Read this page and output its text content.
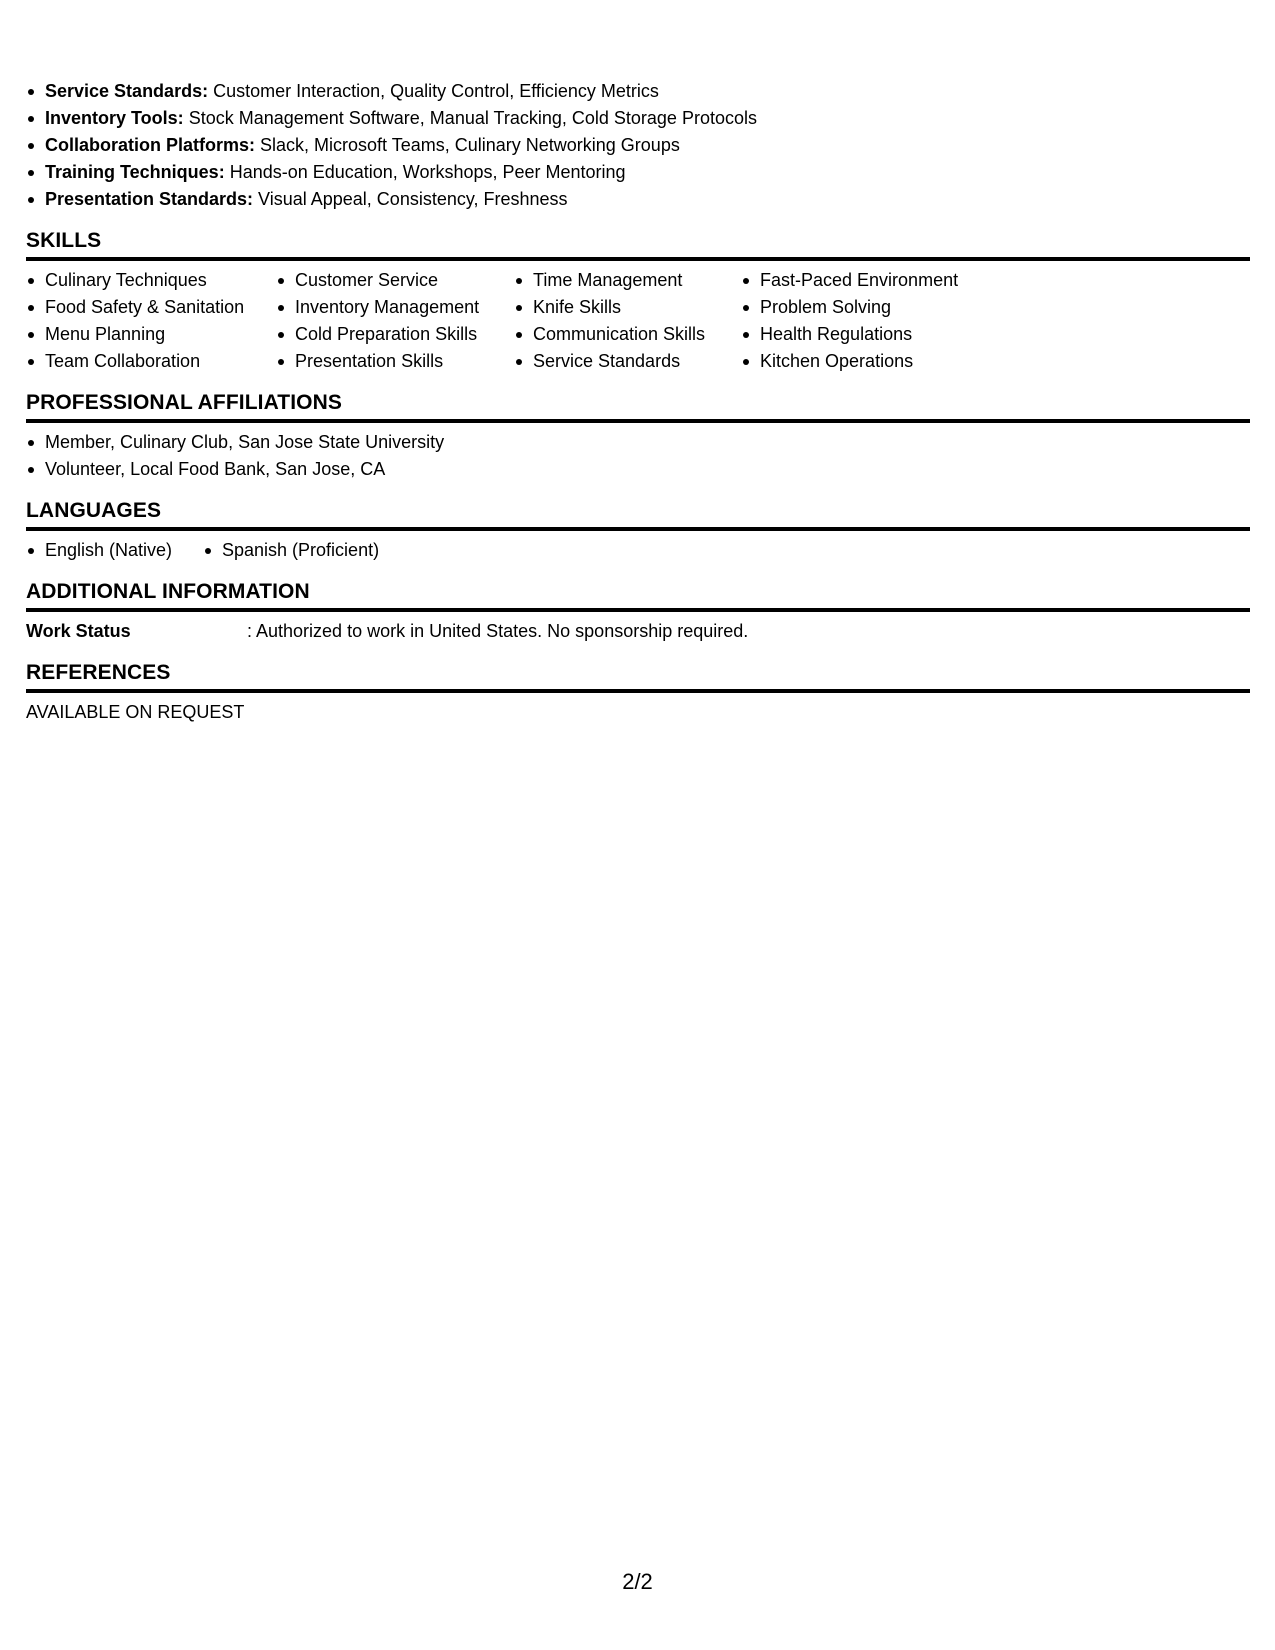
Service Standards: Customer Interaction, Quality Control, Efficiency Metrics
Inventory Tools: Stock Management Software, Manual Tracking, Cold Storage Protocols
Collaboration Platforms: Slack, Microsoft Teams, Culinary Networking Groups
Training Techniques: Hands-on Education, Workshops, Peer Mentoring
Presentation Standards: Visual Appeal, Consistency, Freshness
SKILLS
Culinary Techniques
Food Safety & Sanitation
Menu Planning
Team Collaboration
Customer Service
Inventory Management
Cold Preparation Skills
Presentation Skills
Time Management
Knife Skills
Communication Skills
Service Standards
Fast-Paced Environment
Problem Solving
Health Regulations
Kitchen Operations
PROFESSIONAL AFFILIATIONS
Member, Culinary Club, San Jose State University
Volunteer, Local Food Bank, San Jose, CA
LANGUAGES
English (Native)	Spanish (Proficient)
ADDITIONAL INFORMATION
Work Status	: Authorized to work in United States. No sponsorship required.
REFERENCES
AVAILABLE ON REQUEST
2/2
